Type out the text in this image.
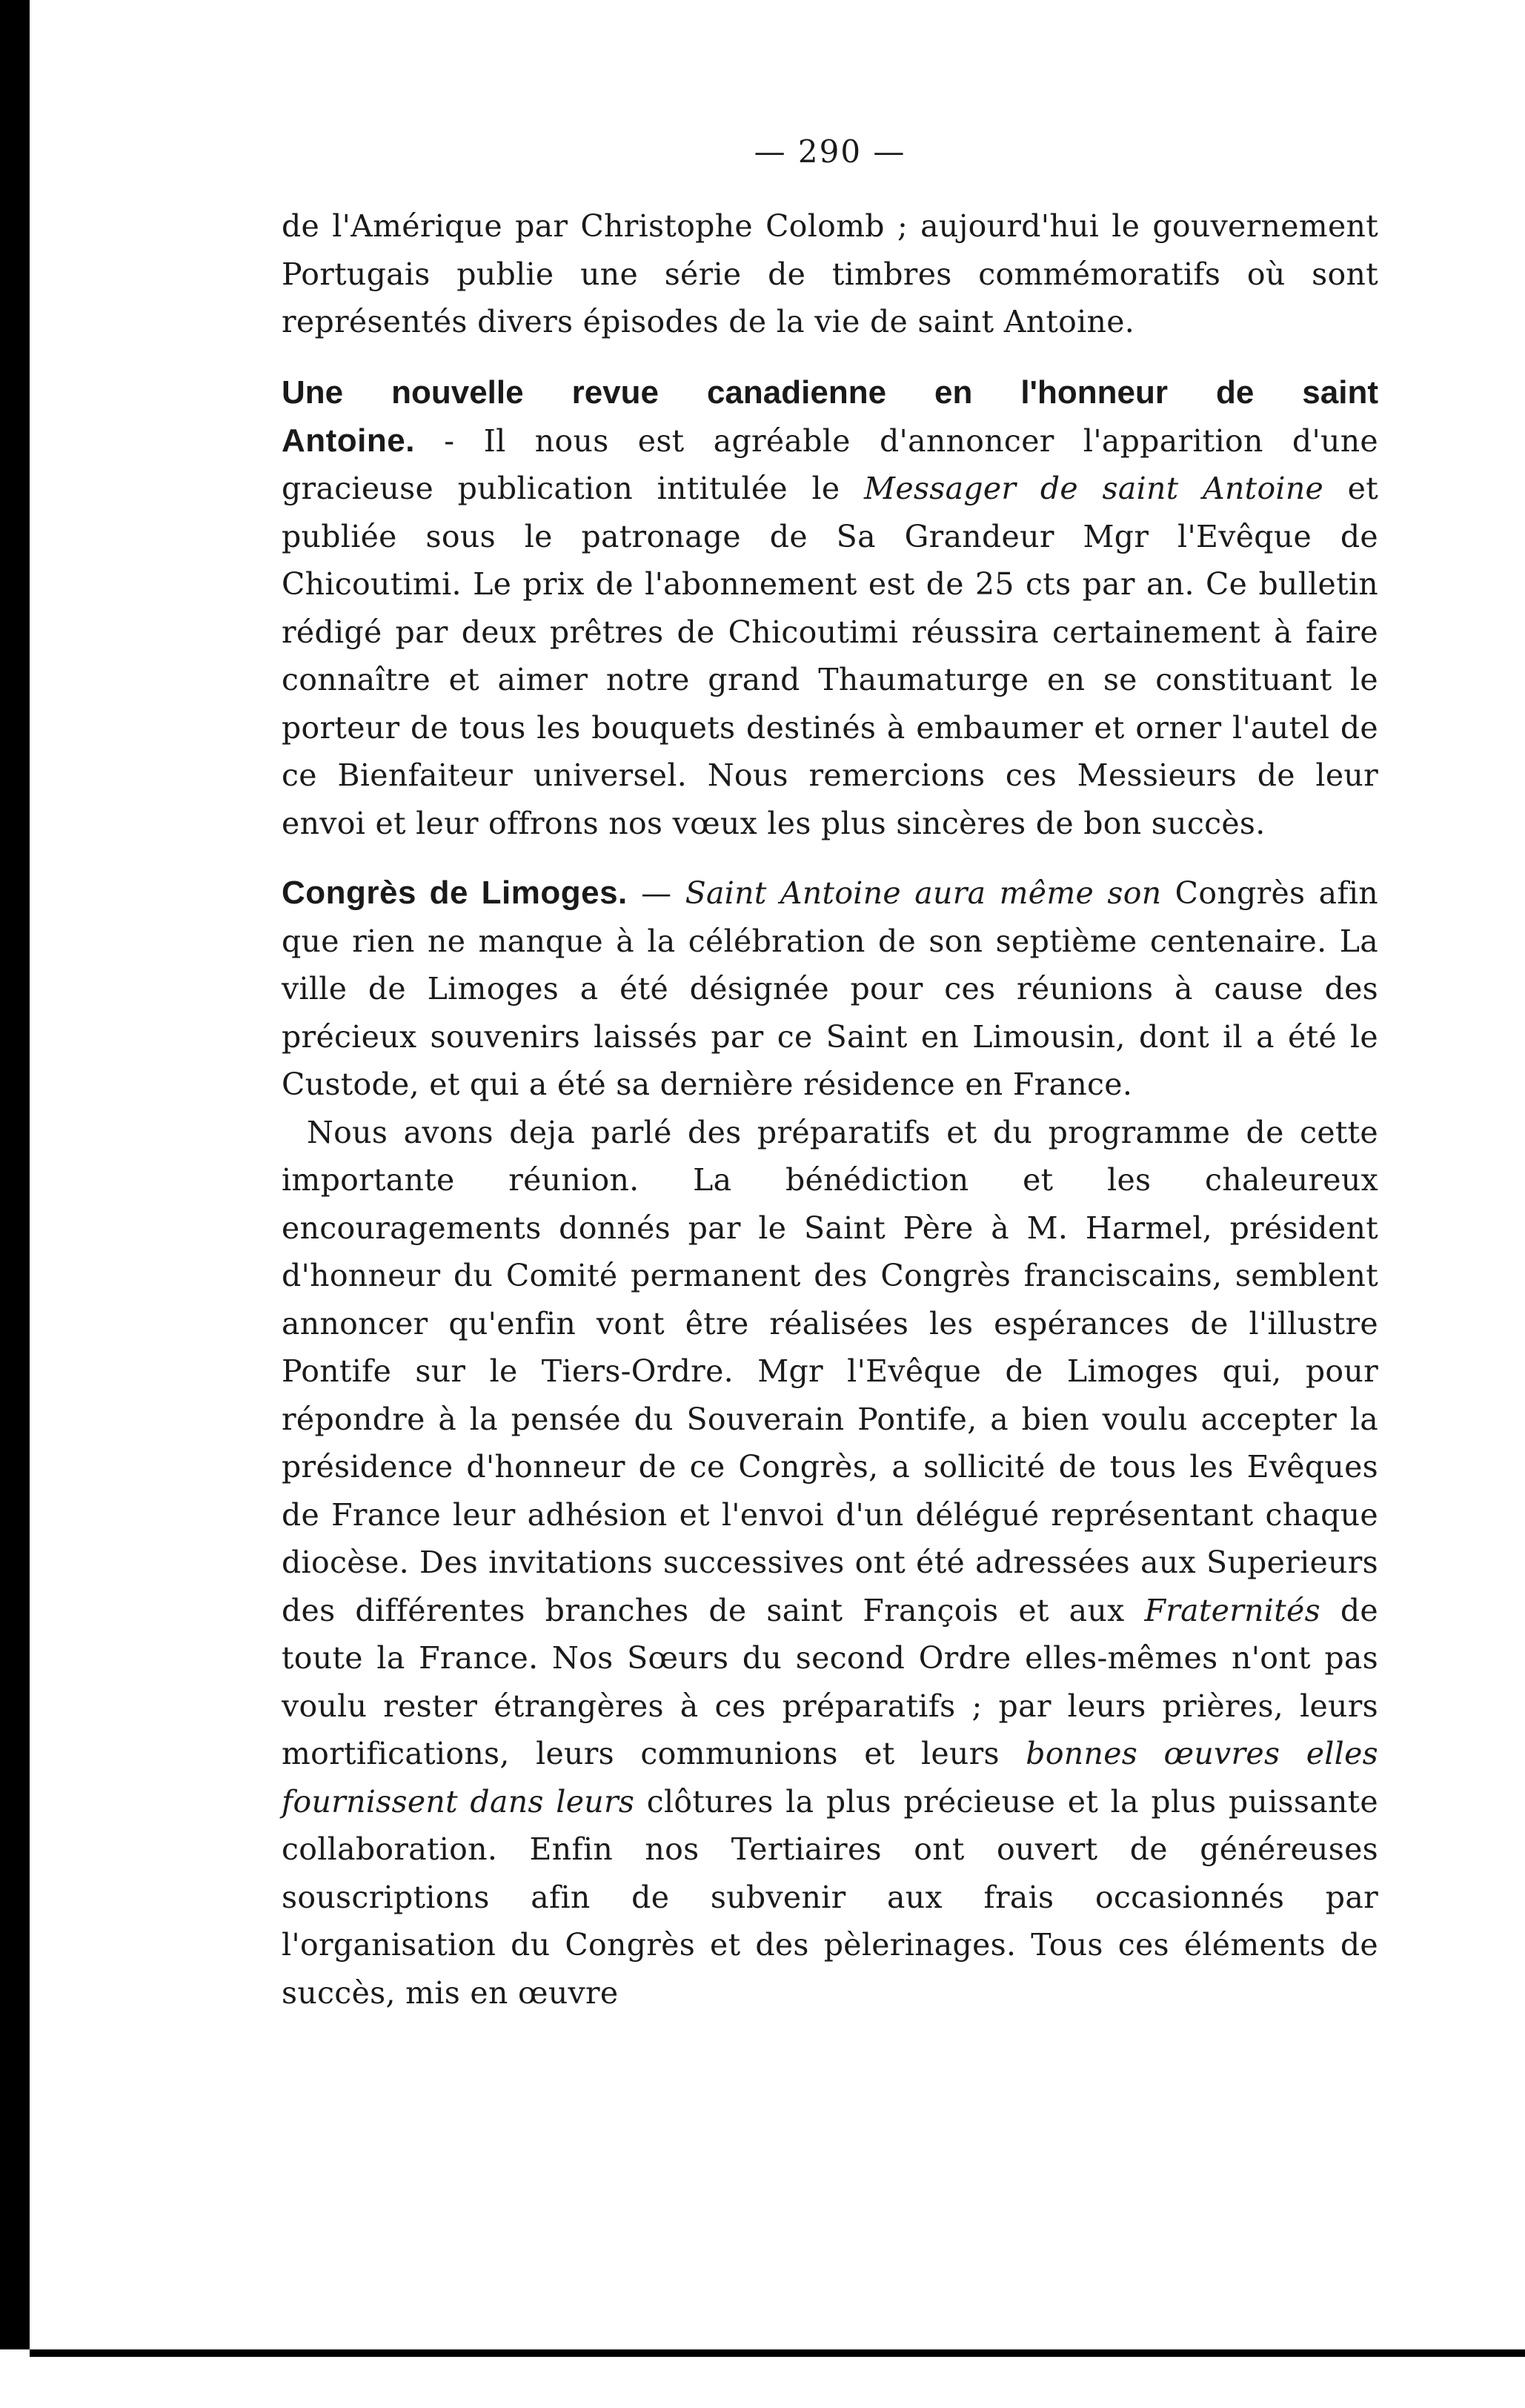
— 290 —

de l'Amérique par Christophe Colomb ; aujourd'hui le gouvernement Portugais publie une série de timbres commémoratifs où sont représentés divers épisodes de la vie de saint Antoine.

Une nouvelle revue canadienne en l'honneur de saint

Antoine. - Il nous est agréable d'annoncer l'apparition d'une gracieuse publication intitulée le Messager de saint Antoine et publiée sous le patronage de Sa Grandeur Mgr l'Evêque de Chicoutimi. Le prix de l'abonnement est de 25 cts par an. Ce bulletin rédigé par deux prêtres de Chicoutimi réussira certainement à faire connaître et aimer notre grand Thaumaturge en se constituant le porteur de tous les bouquets destinés à embaumer et orner l'autel de ce Bienfaiteur universel. Nous remercions ces Messieurs de leur envoi et leur offrons nos vœux les plus sincères de bon succès.

Congrès de Limoges. — Saint Antoine aura même son Congrès afin que rien ne manque à la célébration de son septième centenaire. La ville de Limoges a été désignée pour ces réunions à cause des précieux souvenirs laissés par ce Saint en Limousin, dont il a été le Custode, et qui a été sa dernière résidence en France.

Nous avons deja parlé des préparatifs et du programme de cette importante réunion. La bénédiction et les chaleureux encouragements donnés par le Saint Père à M. Harmel, président d'honneur du Comité permanent des Congrès franciscains, semblent annoncer qu'enfin vont être réalisées les espérances de l'illustre Pontife sur le Tiers-Ordre. Mgr l'Evêque de Limoges qui, pour répondre à la pensée du Souverain Pontife, a bien voulu accepter la présidence d'honneur de ce Congrès, a sollicité de tous les Evêques de France leur adhésion et l'envoi d'un délégué représentant chaque diocèse. Des invitations successives ont été adressées aux Superieurs des différentes branches de saint François et aux Fraternités de toute la France. Nos Sœurs du second Ordre elles-mêmes n'ont pas voulu rester étrangères à ces préparatifs ; par leurs prières, leurs mortifications, leurs communions et leurs bonnes œuvres elles fournissent dans leurs clôtures la plus précieuse et la plus puissante collaboration. Enfin nos Tertiaires ont ouvert de généreuses souscriptions afin de subvenir aux frais occasionnés par l'organisation du Congrès et des pèlerinages. Tous ces éléments de succès, mis en œuvre
